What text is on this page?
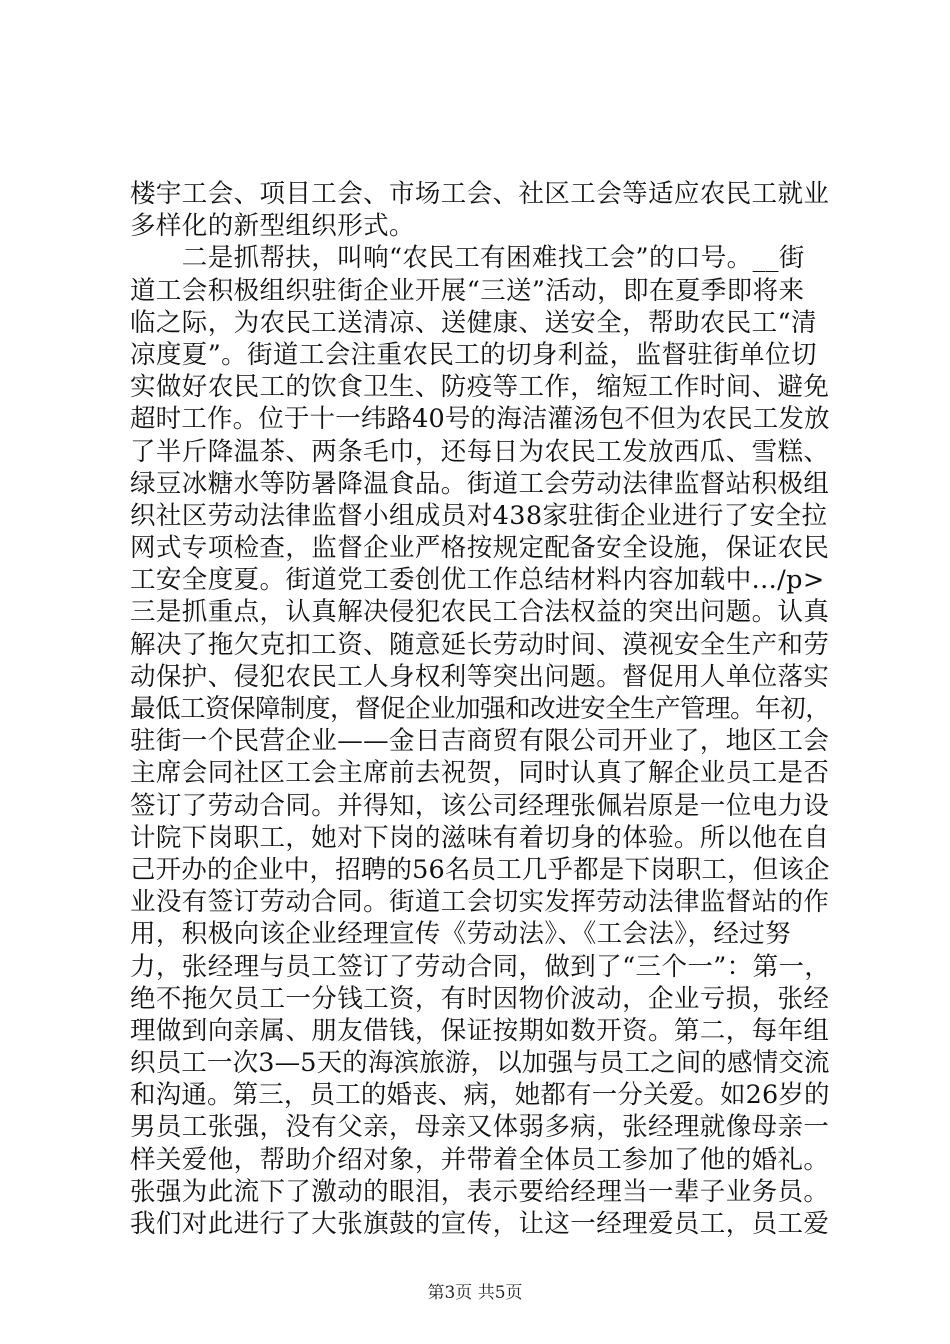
楼宇工会、项目工会、市场工会、社区工会等适应农民工就业
多样化的新型组织形式。
　　二是抓帮扶，叫响“农民工有困难找工会”的口号。__街
道工会积极组织驻街企业开展“三送”活动，即在夏季即将来
临之际，为农民工送清凉、送健康、送安全，帮助农民工“清
凉度夏”。街道工会注重农民工的切身利益，监督驻街单位切
实做好农民工的饮食卫生、防疫等工作，缩短工作时间、避免
超时工作。位于十一纬路40号的海洁灌汤包不但为农民工发放
了半斤降温茶、两条毛巾，还每日为农民工发放西瓜、雪糕、
绿豆冰糖水等防暑降温食品。街道工会劳动法律监督站积极组
织社区劳动法律监督小组成员对438家驻街企业进行了安全拉
网式专项检查，监督企业严格按规定配备安全设施，保证农民
工安全度夏。街道党工委创优工作总结材料内容加载中.../p>
三是抓重点，认真解决侵犯农民工合法权益的突出问题。认真
解决了拖欠克扣工资、随意延长劳动时间、漠视安全生产和劳
动保护、侵犯农民工人身权利等突出问题。督促用人单位落实
最低工资保障制度，督促企业加强和改进安全生产管理。年初，
驻街一个民营企业——金日吉商贸有限公司开业了，地区工会
主席会同社区工会主席前去祝贺，同时认真了解企业员工是否
签订了劳动合同。并得知，该公司经理张佩岩原是一位电力设
计院下岗职工，她对下岗的滋味有着切身的体验。所以他在自
己开办的企业中，招聘的56名员工几乎都是下岗职工，但该企
业没有签订劳动合同。街道工会切实发挥劳动法律监督站的作
用，积极向该企业经理宣传《劳动法》、《工会法》，经过努
力，张经理与员工签订了劳动合同，做到了“三个一”：第一，
绝不拖欠员工一分钱工资，有时因物价波动，企业亏损，张经
理做到向亲属、朋友借钱，保证按期如数开资。第二，每年组
织员工一次3—5天的海滨旅游，以加强与员工之间的感情交流
和沟通。第三，员工的婚丧、病，她都有一分关爱。如26岁的
男员工张强，没有父亲，母亲又体弱多病，张经理就像母亲一
样关爱他，帮助介绍对象，并带着全体员工参加了他的婚礼。
张强为此流下了激动的眼泪，表示要给经理当一辈子业务员。
我们对此进行了大张旗鼓的宣传，让这一经理爱员工，员工爱
第3页 共5页
